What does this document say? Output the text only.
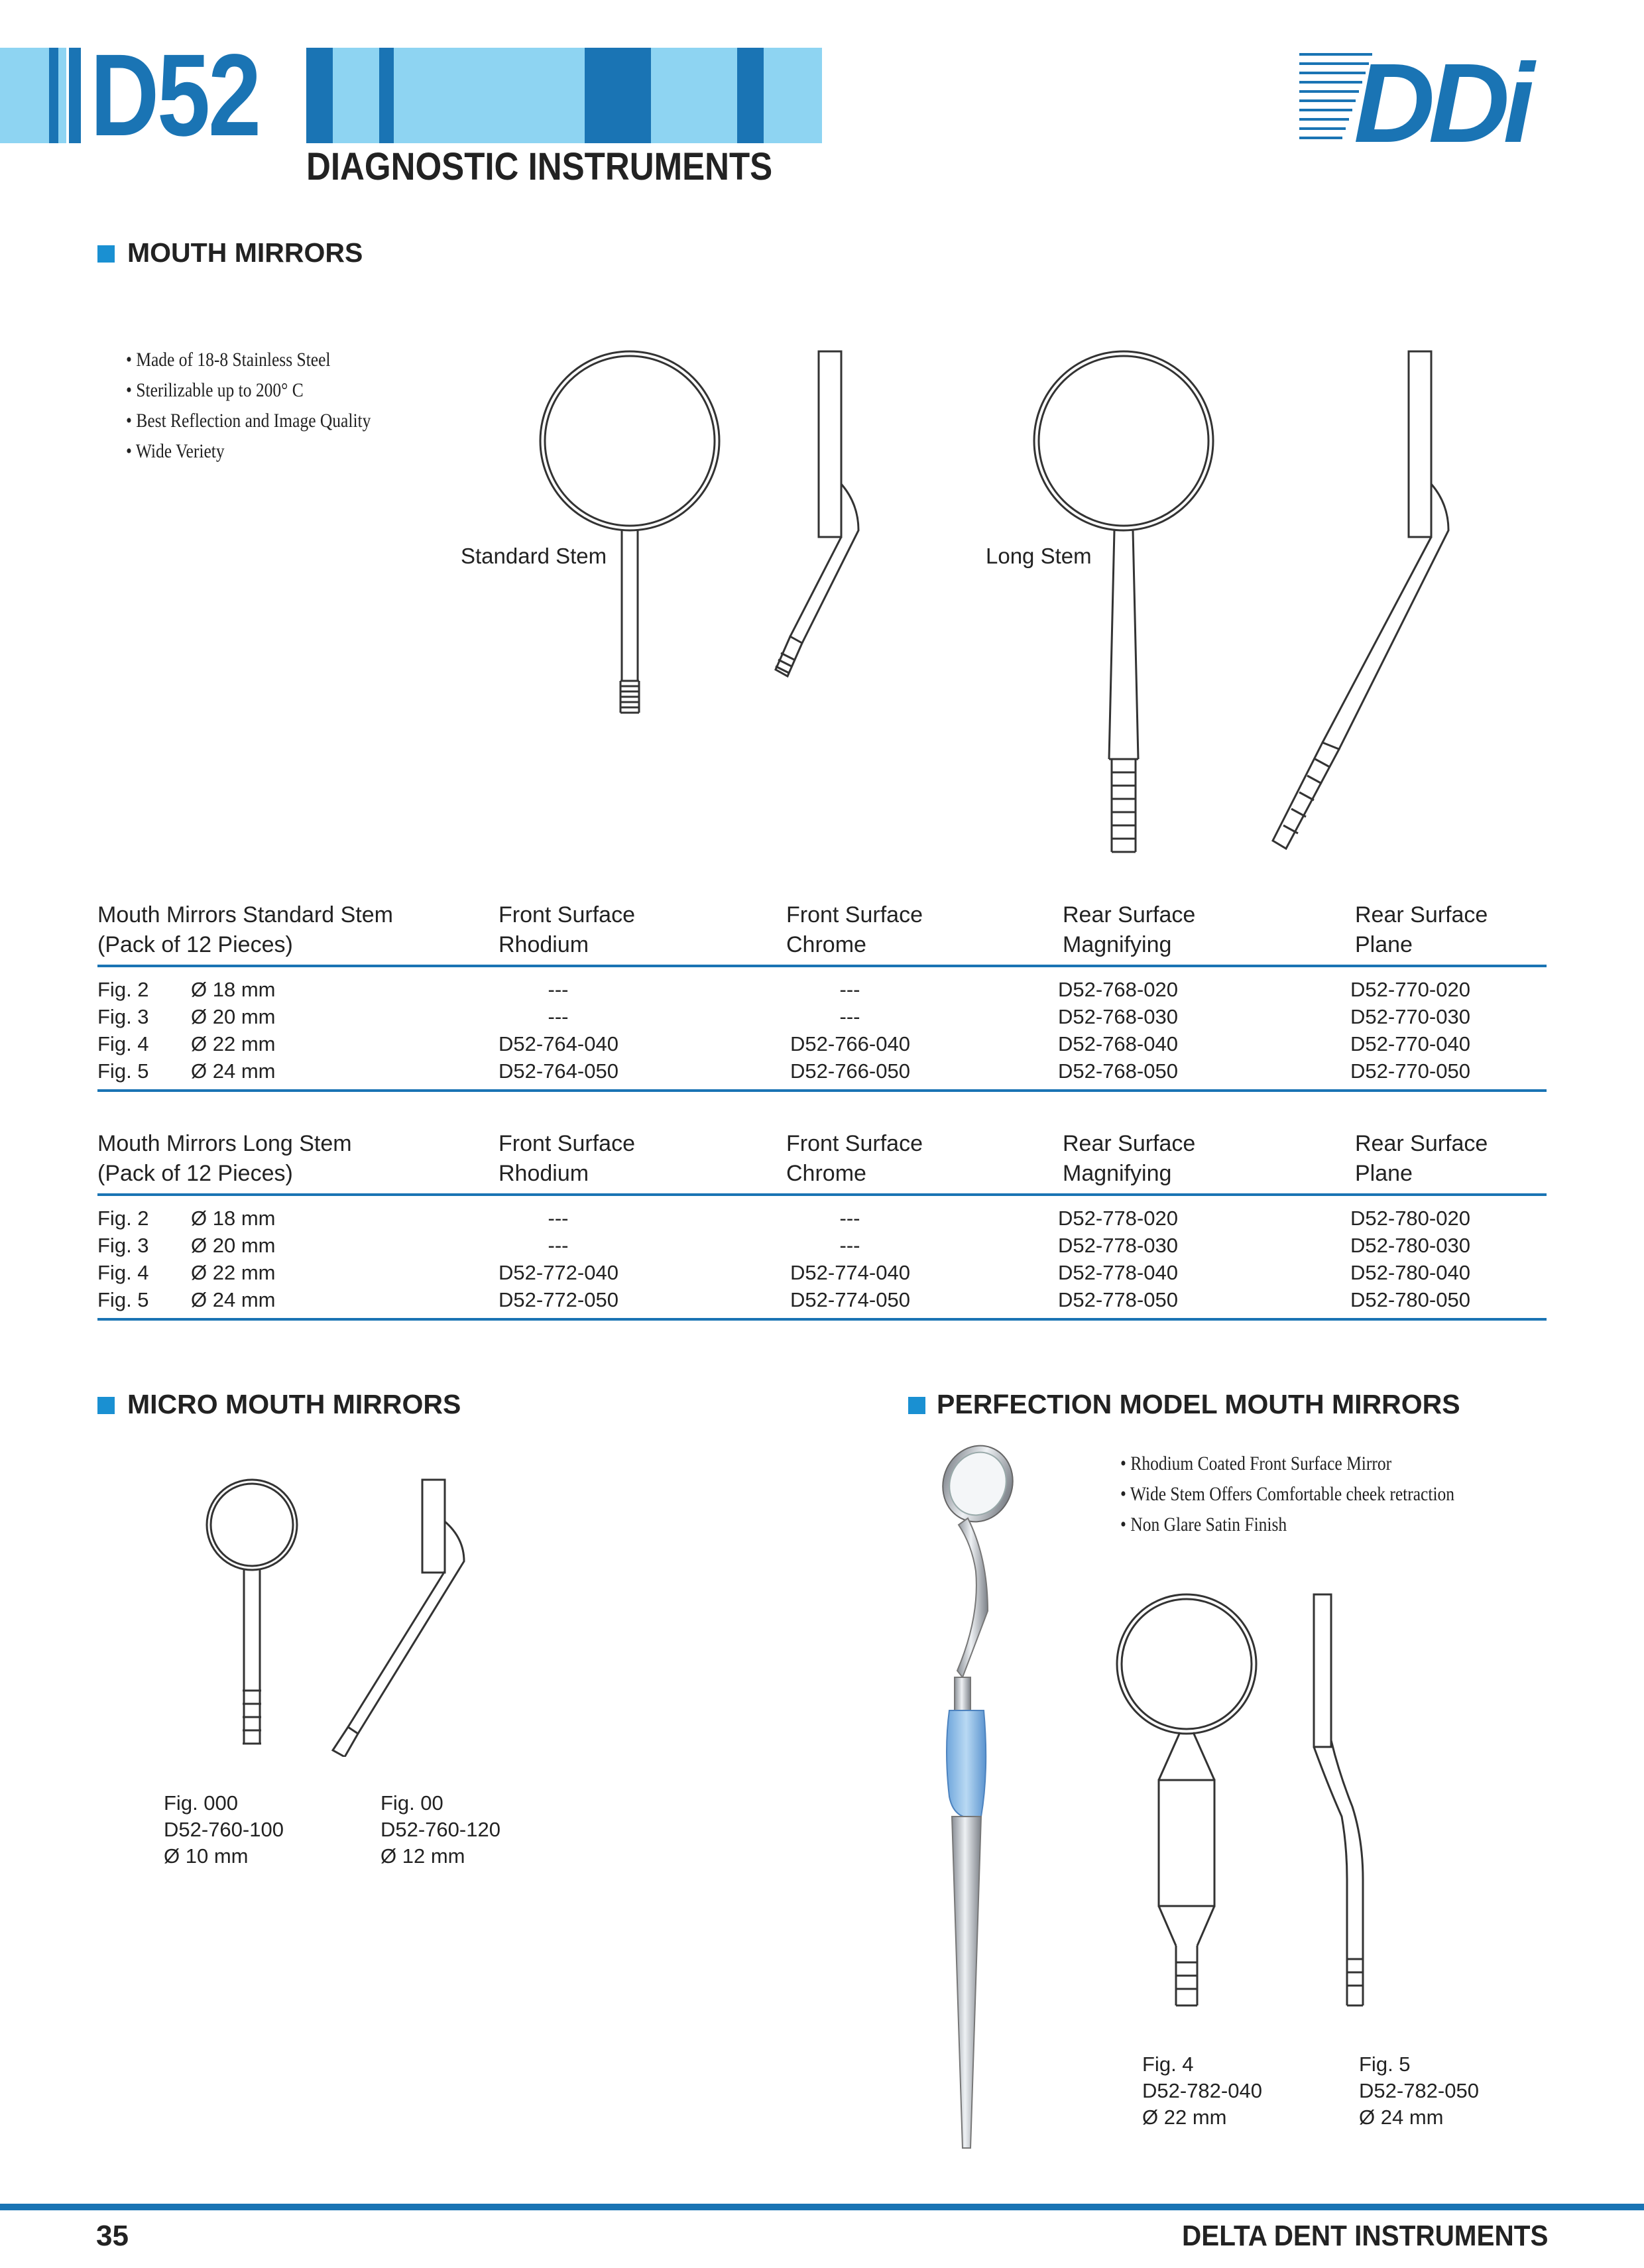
D52
DIAGNOSTIC INSTRUMENTS
DDi
MOUTH MIRRORS
• Made of 18-8 Stainless Steel
• Sterilizable up to 200° C
• Best Reflection and Image Quality
• Wide Veriety
Standard Stem	Long Stem
Mouth Mirrors Standard Stem
(Pack of 12 Pieces)
Front Surface
Rhodium
Front Surface
Chrome
Rear Surface
Magnifying
Rear Surface
Plane
Fig. 2
Fig. 3
Fig. 4
Fig. 5
Ø 18 mm
Ø 20 mm
Ø 22 mm
Ø 24 mm
---
---
D52-764-040
D52-764-050
---
---
D52-766-040
D52-766-050
D52-768-020
D52-768-030
D52-768-040
D52-768-050
D52-770-020
D52-770-030
D52-770-040
D52-770-050
Mouth Mirrors Long Stem
(Pack of 12 Pieces)
Front Surface
Rhodium
Front Surface
Chrome
Rear Surface
Magnifying
Rear Surface
Plane
Fig. 2
Fig. 3
Fig. 4
Fig. 5
Ø 18 mm
Ø 20 mm
Ø 22 mm
Ø 24 mm
---
---
D52-772-040
D52-772-050
---
---
D52-774-040
D52-774-050
D52-778-020
D52-778-030
D52-778-040
D52-778-050
D52-780-020
D52-780-030
D52-780-040
D52-780-050
MICRO MOUTH MIRRORS
Fig. 000
D52-760-100
Ø 10 mm
Fig. 00
D52-760-120
Ø 12 mm
PERFECTION MODEL MOUTH MIRRORS
• Rhodium Coated Front Surface Mirror
• Wide Stem Offers Comfortable cheek retraction
• Non Glare Satin Finish
Fig. 4
D52-782-040
Ø 22 mm
Fig. 5
D52-782-050
Ø 24 mm
35	DELTA DENT INSTRUMENTS
